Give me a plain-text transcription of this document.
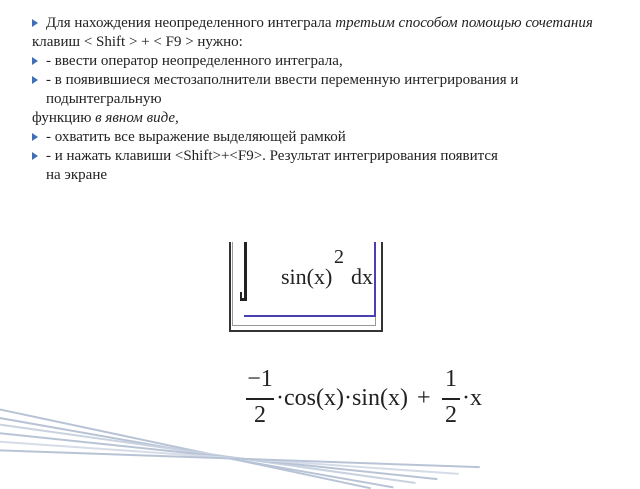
Для нахождения неопределенного интеграла третьим способом помощью сочетания
клавиш < Shift > + < F9 > нужно:
- ввести оператор неопределенного интеграла,
- в появившиеся местозаполнители ввести переменную интегрирования и
подынтегральную
функцию в явном виде,
- охватить все выражение выделяющей рамкой
- и нажать клавиши <Shift>+<F9>. Результат интегрирования появится
на экране
sin(x)
2
dx
−1
2
·cos(x)·sin(x) +
1
2
·x
